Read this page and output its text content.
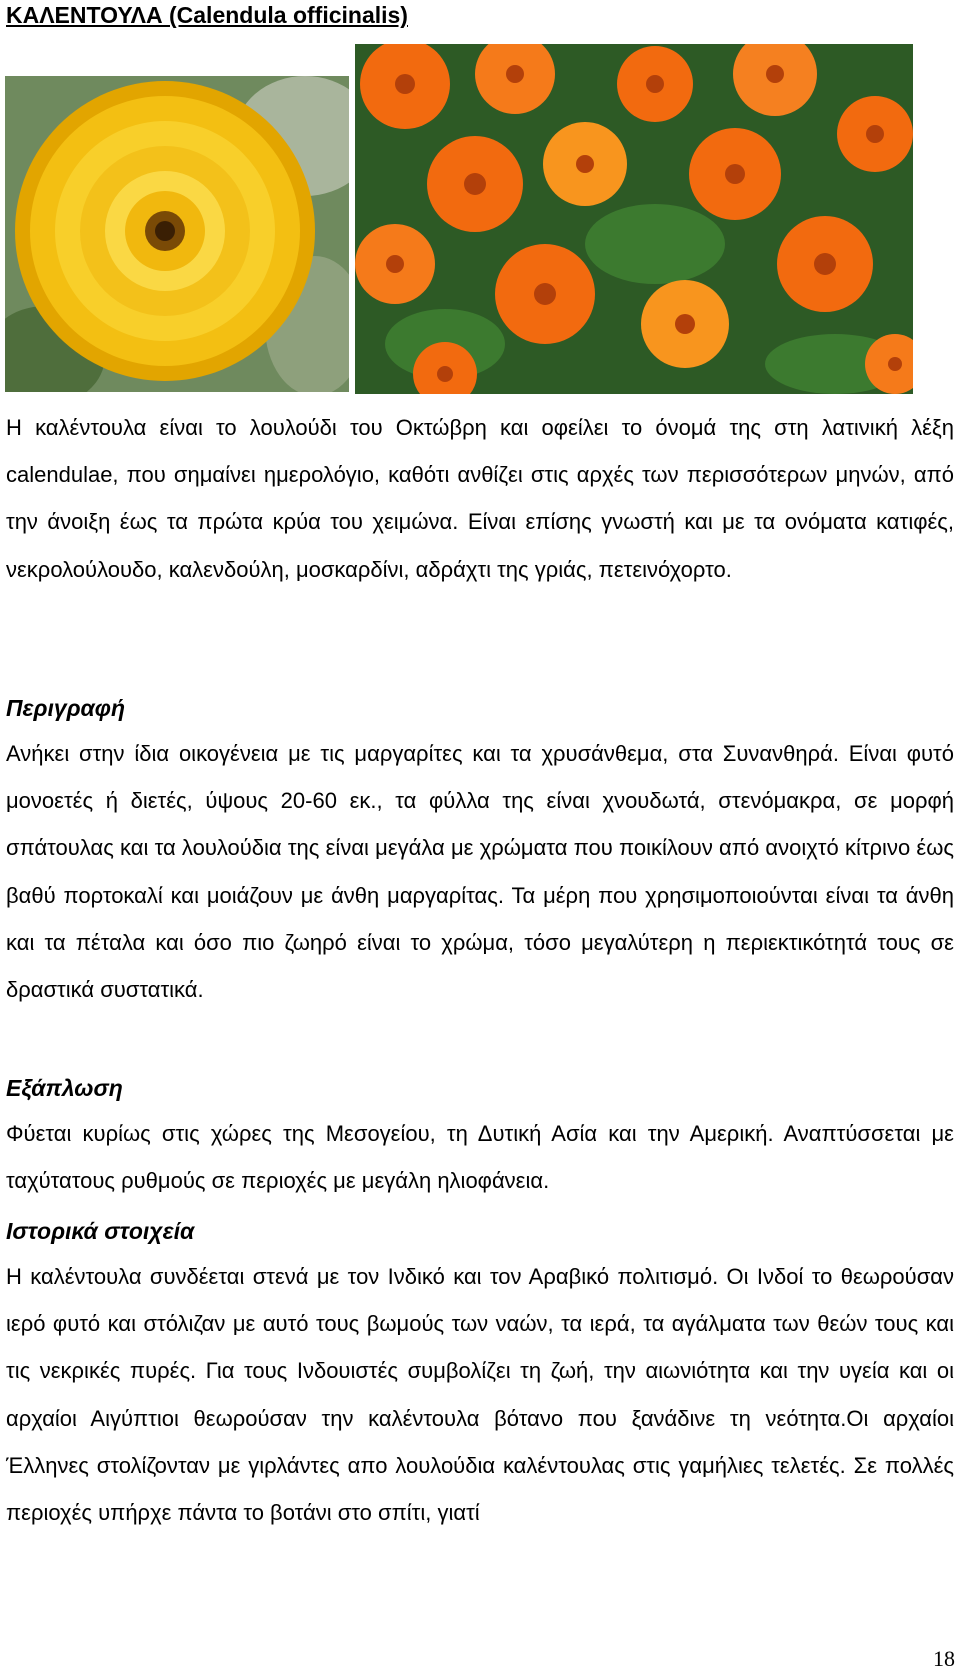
ΚΑΛΕΝΤΟΥΛΑ (Calendula officinalis)

Η καλέντουλα είναι το λουλούδι του Οκτώβρη και οφείλει το όνομά της στη λατινική λέξη calendulae, που σημαίνει ημερολόγιο, καθότι ανθίζει στις αρχές των περισσότερων μηνών, από την άνοιξη έως τα πρώτα κρύα του χειμώνα. Είναι επίσης γνωστή και με τα ονόματα κατιφές, νεκρολούλουδο, καλενδούλη, μοσκαρδίνι, αδράχτι της γριάς, πετεινόχορτο.

Περιγραφή

Ανήκει στην ίδια οικογένεια με τις μαργαρίτες και τα χρυσάνθεμα, στα Συνανθηρά. Είναι φυτό μονοετές ή διετές, ύψους 20-60 εκ., τα φύλλα της είναι χνουδωτά, στενόμακρα, σε μορφή σπάτουλας και τα λουλούδια της είναι μεγάλα με χρώματα που ποικίλουν από ανοιχτό κίτρινο έως βαθύ πορτοκαλί και μοιάζουν με άνθη μαργαρίτας. Τα μέρη που χρησιμοποιούνται είναι τα άνθη και τα πέταλα και όσο πιο ζωηρό είναι το χρώμα, τόσο μεγαλύτερη η περιεκτικότητά τους σε δραστικά συστατικά.

Εξάπλωση

Φύεται κυρίως στις χώρες της Μεσογείου, τη Δυτική Ασία και την Αμερική. Αναπτύσσεται με ταχύτατους ρυθμούς σε περιοχές με μεγάλη ηλιοφάνεια.

Ιστορικά στοιχεία

Η καλέντουλα συνδέεται στενά με τον Ινδικό και τον Αραβικό πολιτισμό. Οι Ινδοί το θεωρούσαν ιερό φυτό και στόλιζαν με αυτό τους βωμούς των ναών, τα ιερά, τα αγάλματα των θεών τους και τις νεκρικές πυρές. Για τους Ινδουιστές συμβολίζει τη ζωή, την αιωνιότητα και την υγεία και οι αρχαίοι Αιγύπτιοι θεωρούσαν την καλέντουλα βότανο που ξανάδινε τη νεότητα.Οι αρχαίοι Έλληνες στολίζονταν με γιρλάντες απο λουλούδια καλέντουλας στις γαμήλιες τελετές. Σε πολλές περιοχές υπήρχε πάντα το βοτάνι στο σπίτι, γιατί

18
